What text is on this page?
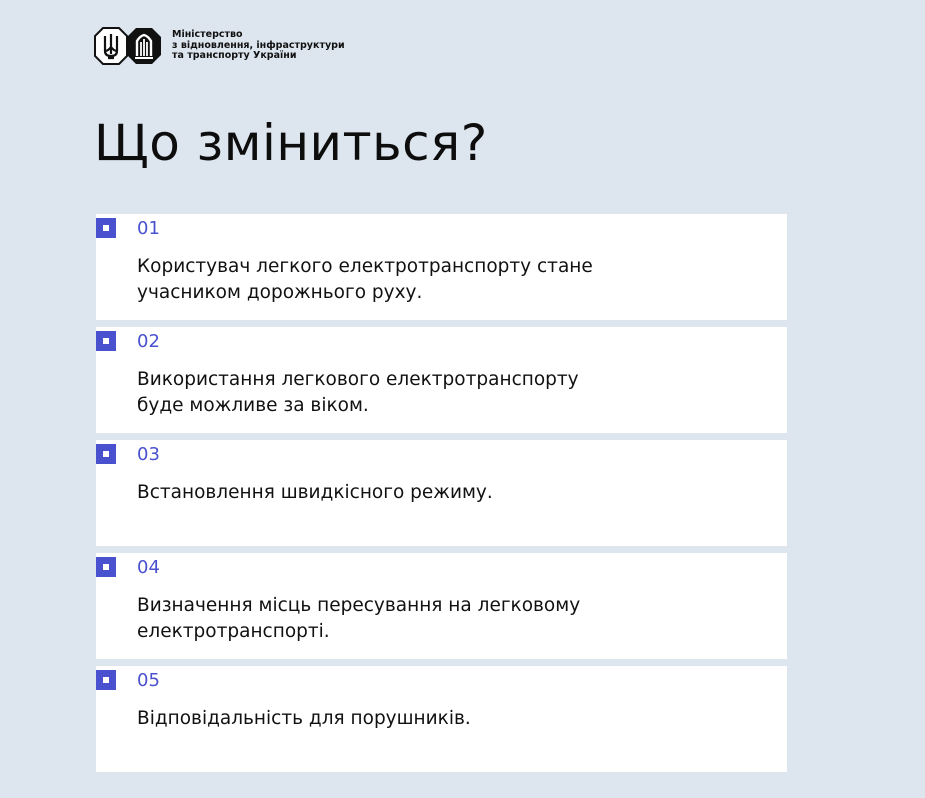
Міністерство
з відновлення, інфраструктури
та транспорту України
Що зміниться?
01
Користувач легкого електротранспорту стане
учасником дорожнього руху.
02
Використання легкового електротранспорту
буде можливе за віком.
03
Встановлення швидкісного режиму.
04
Визначення місць пересування на легковому
електротранспорті.
05
Відповідальність для порушників.
